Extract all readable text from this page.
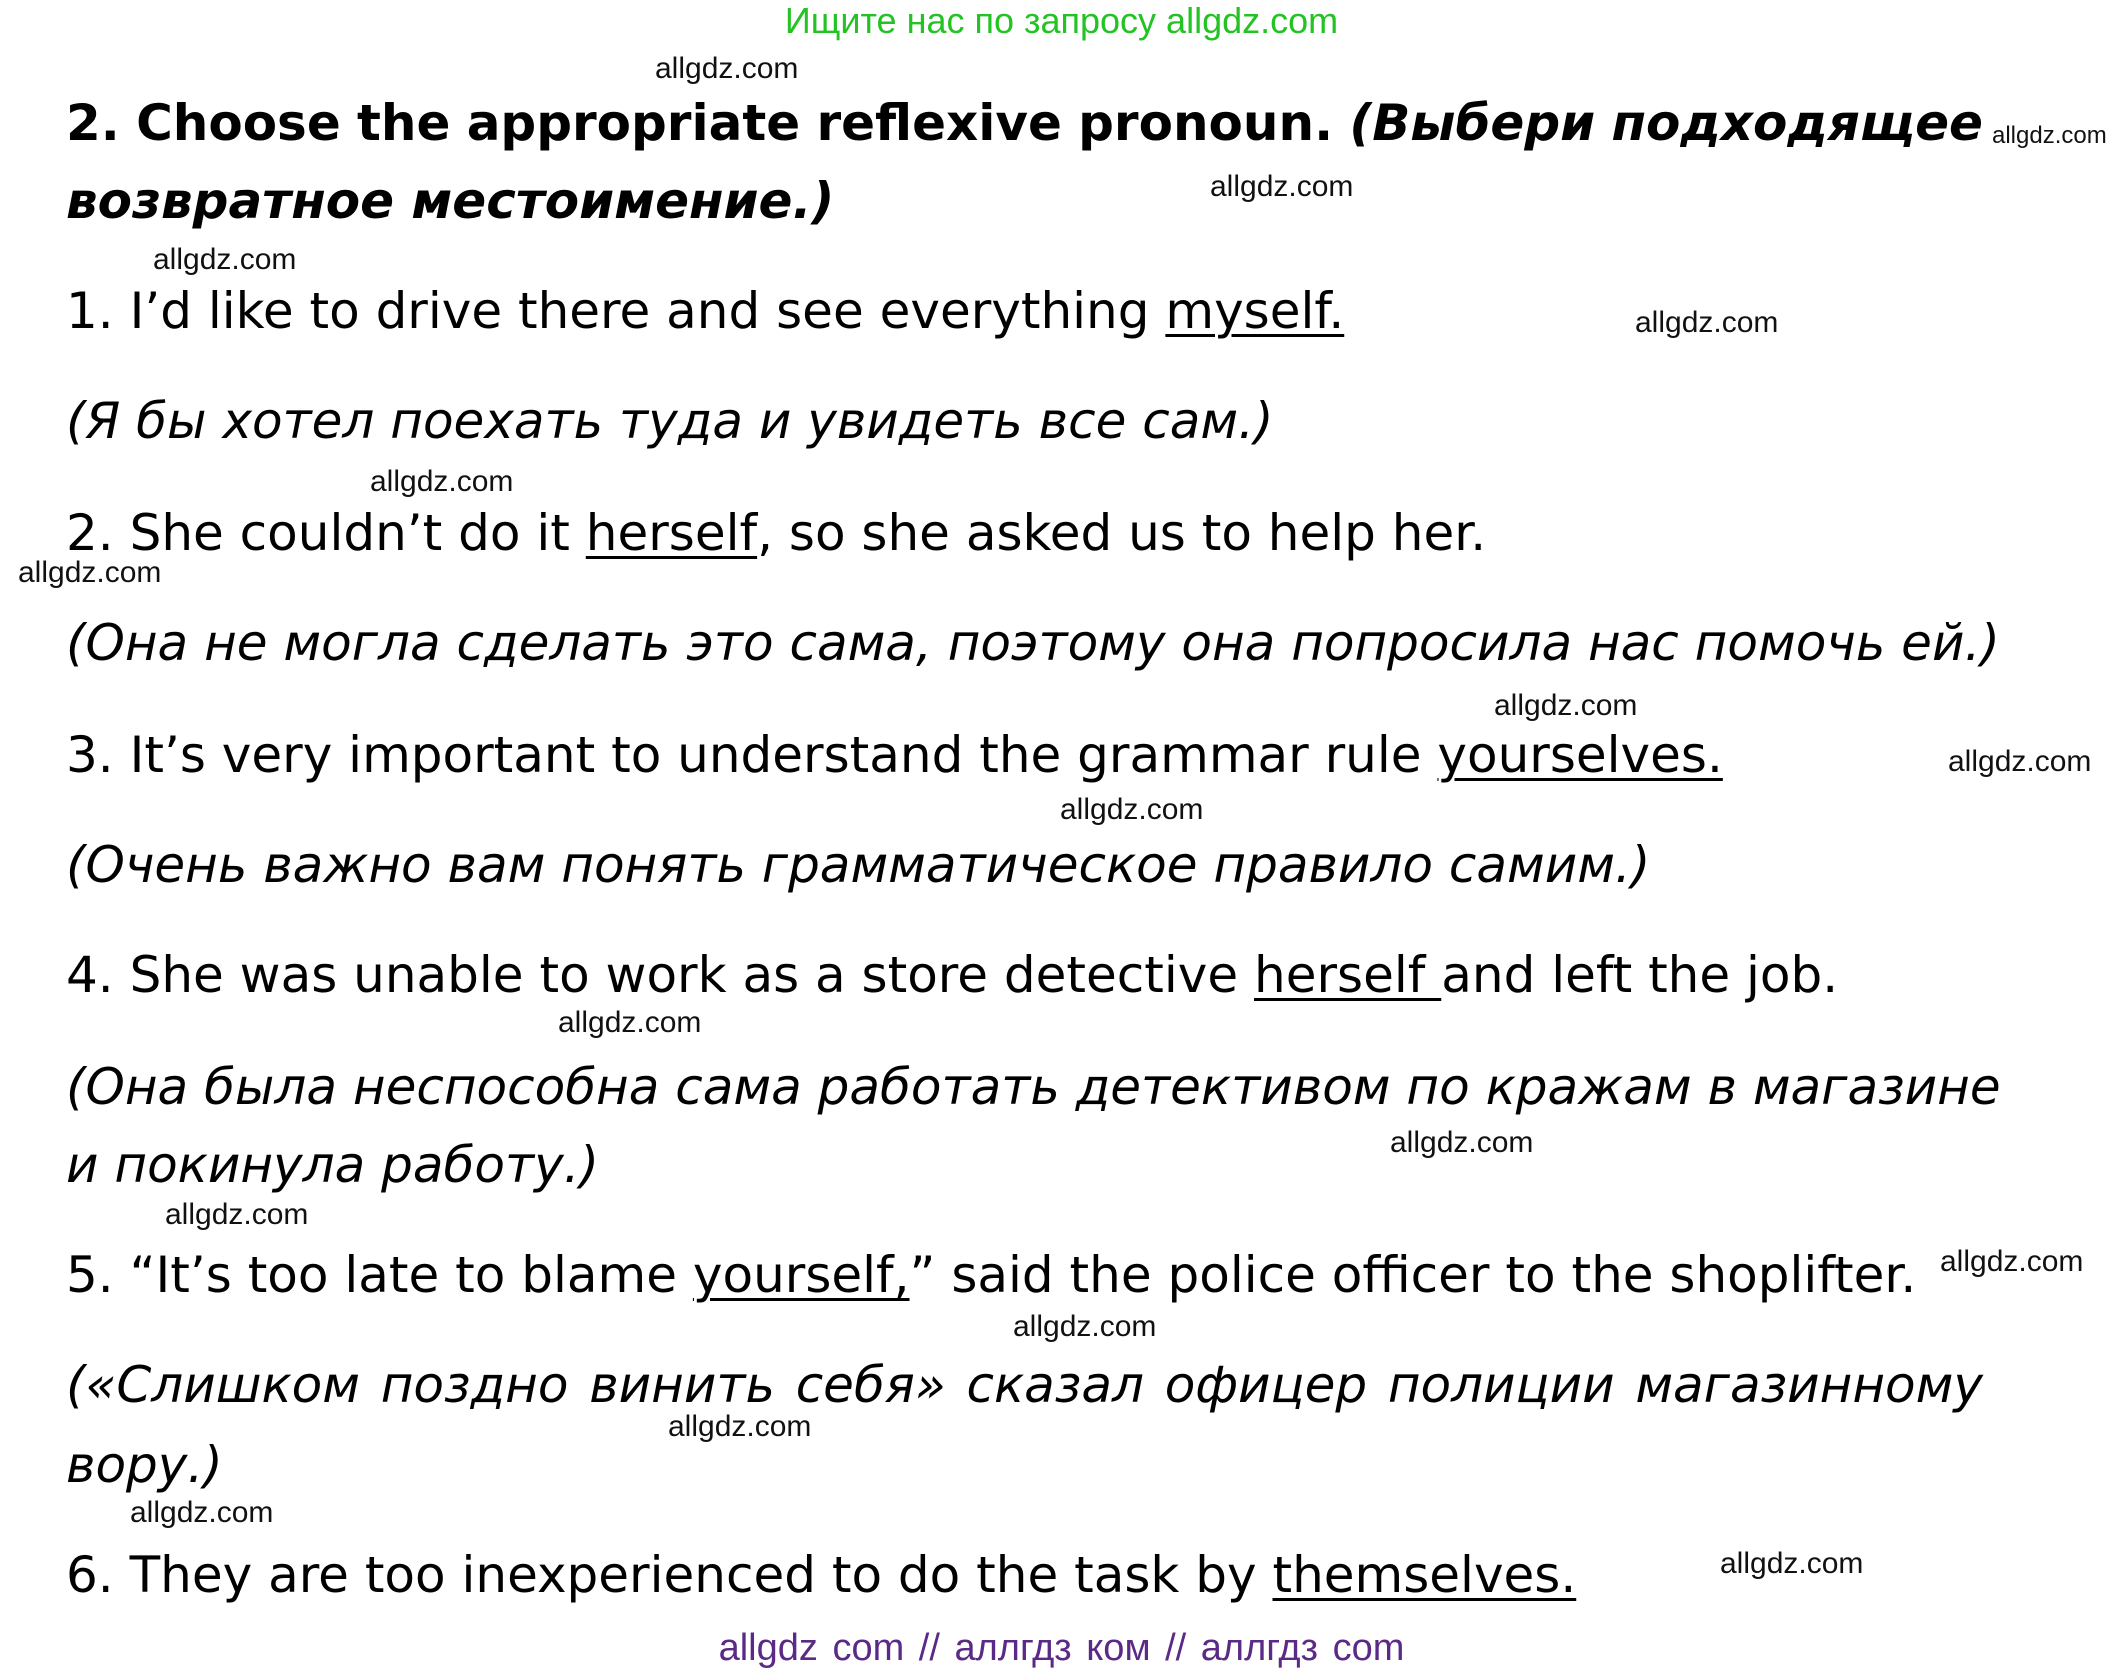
Ищите нас по запросу allgdz.com
allgdz.com
allgdz.com
allgdz.com
allgdz.com
allgdz.com
allgdz.com
allgdz.com
allgdz.com
allgdz.com
allgdz.com
allgdz.com
allgdz.com
allgdz.com
allgdz.com
allgdz.com
allgdz.com
allgdz.com
allgdz.com
2. Choose the appropriate reflexive pronoun. (Выбери подходящее
возвратное местоимение.)
1. I’d like to drive there and see everything myself.
(Я бы хотел поехать туда и увидеть все сам.)
2. She couldn’t do it herself, so she asked us to help her.
(Она не могла сделать это сама, поэтому она попросила нас помочь ей.)
3. It’s very important to understand the grammar rule yourselves.
(Очень важно вам понять грамматическое правило самим.)
4. She was unable to work as a store detective herself and left the job.
(Она была неспособна сама работать детективом по кражам в магазине
и покинула работу.)
5. “It’s too late to blame yourself,” said the police officer to the shoplifter.
(«Слишком поздно винить себя» сказал офицер полиции магазинному
вору.)
6. They are too inexperienced to do the task by themselves.
allgdz com // аллгдз ком // аллгдз com
